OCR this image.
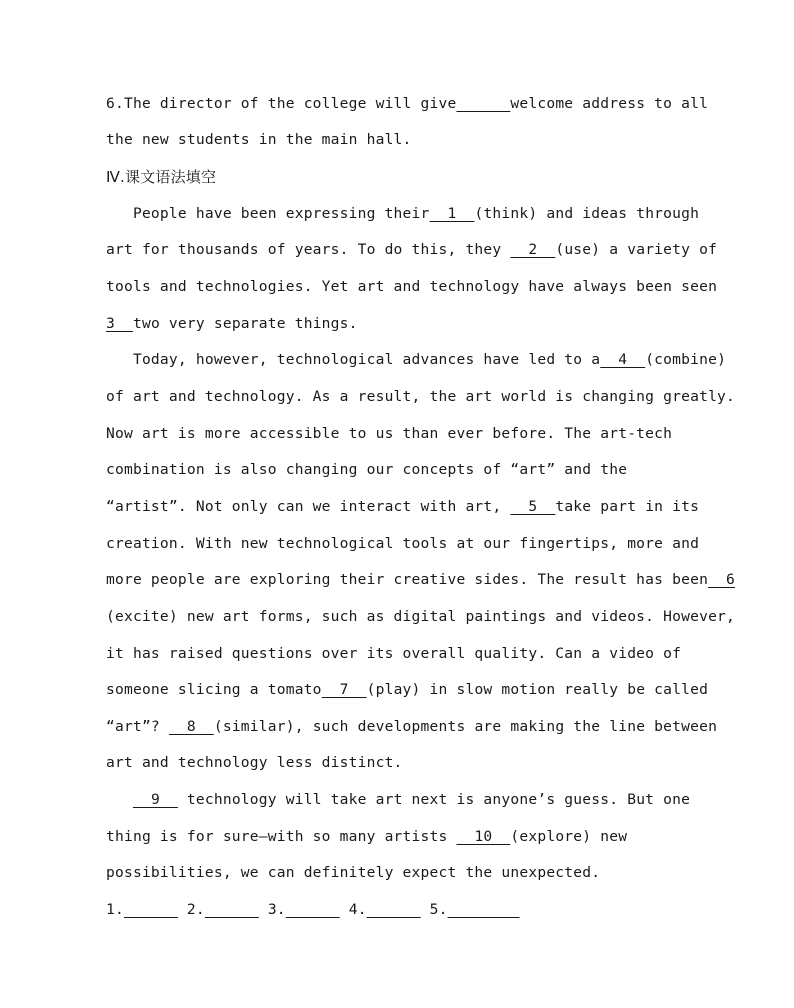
6.The director of the college will give	welcome address to all
the new students in the main hall.
Ⅳ.课文语法填空
People have been expressing their  1  (think) and ideas through
art for thousands of years. To do this, they   2  (use) a variety of
tools and technologies. Yet art and technology have always been seen
3  two very separate things.
Today, however, technological advances have led to a  4  (combine)
of art and technology. As a result, the art world is changing greatly.
Now art is more accessible to us than ever before. The art-tech
combination is also changing our concepts of “art” and the
“artist”. Not only can we interact with art,   5  take part in its
creation. With new technological tools at our fingertips, more and
more people are exploring their creative sides. The result has been  6
(excite) new art forms, such as digital paintings and videos. However,
it has raised questions over its overall quality. Can a video of
someone slicing a tomato  7  (play) in slow motion really be called
“art”?   8  (similar), such developments are making the line between
art and technology less distinct.
9   technology will take art next is anyone’s guess. But one
thing is for sure—with so many artists   10  (explore) new
possibilities, we can definitely expect the unexpected.
1.	2.	3.	4.	5.
